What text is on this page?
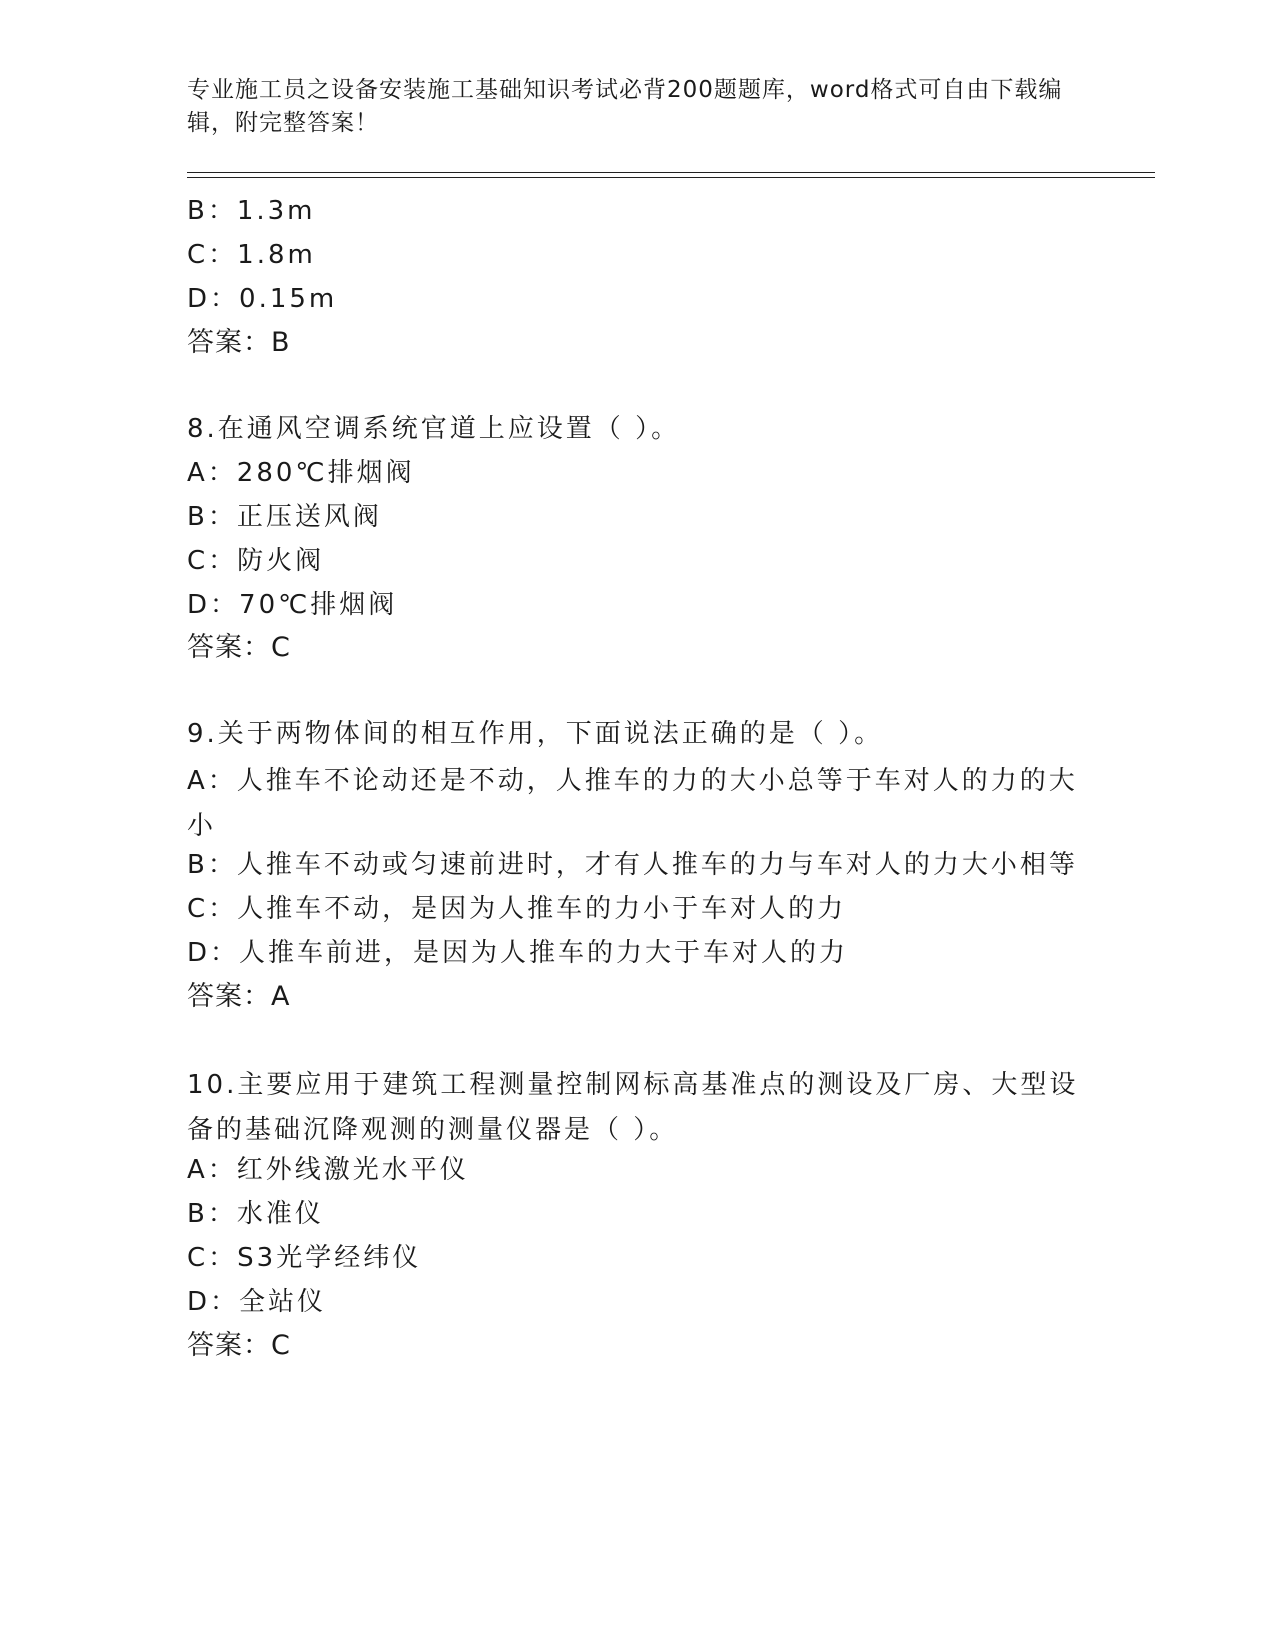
专业施工员之设备安装施工基础知识考试必背200题题库，word格式可自由下载编辑，附完整答案！
B：1.3m
C：1.8m
D：0.15m
答案：B
8.在通风空调系统官道上应设置（ ）。
A：280℃排烟阀
B：正压送风阀
C：防火阀
D：70℃排烟阀
答案：C
9.关于两物体间的相互作用，下面说法正确的是（ ）。
A：人推车不论动还是不动，人推车的力的大小总等于车对人的力的大小
B：人推车不动或匀速前进时，才有人推车的力与车对人的力大小相等
C：人推车不动，是因为人推车的力小于车对人的力
D：人推车前进，是因为人推车的力大于车对人的力
答案：A
10.主要应用于建筑工程测量控制网标高基准点的测设及厂房、大型设备的基础沉降观测的测量仪器是（ ）。
A：红外线激光水平仪
B：水准仪
C：S3光学经纬仪
D：全站仪
答案：C
